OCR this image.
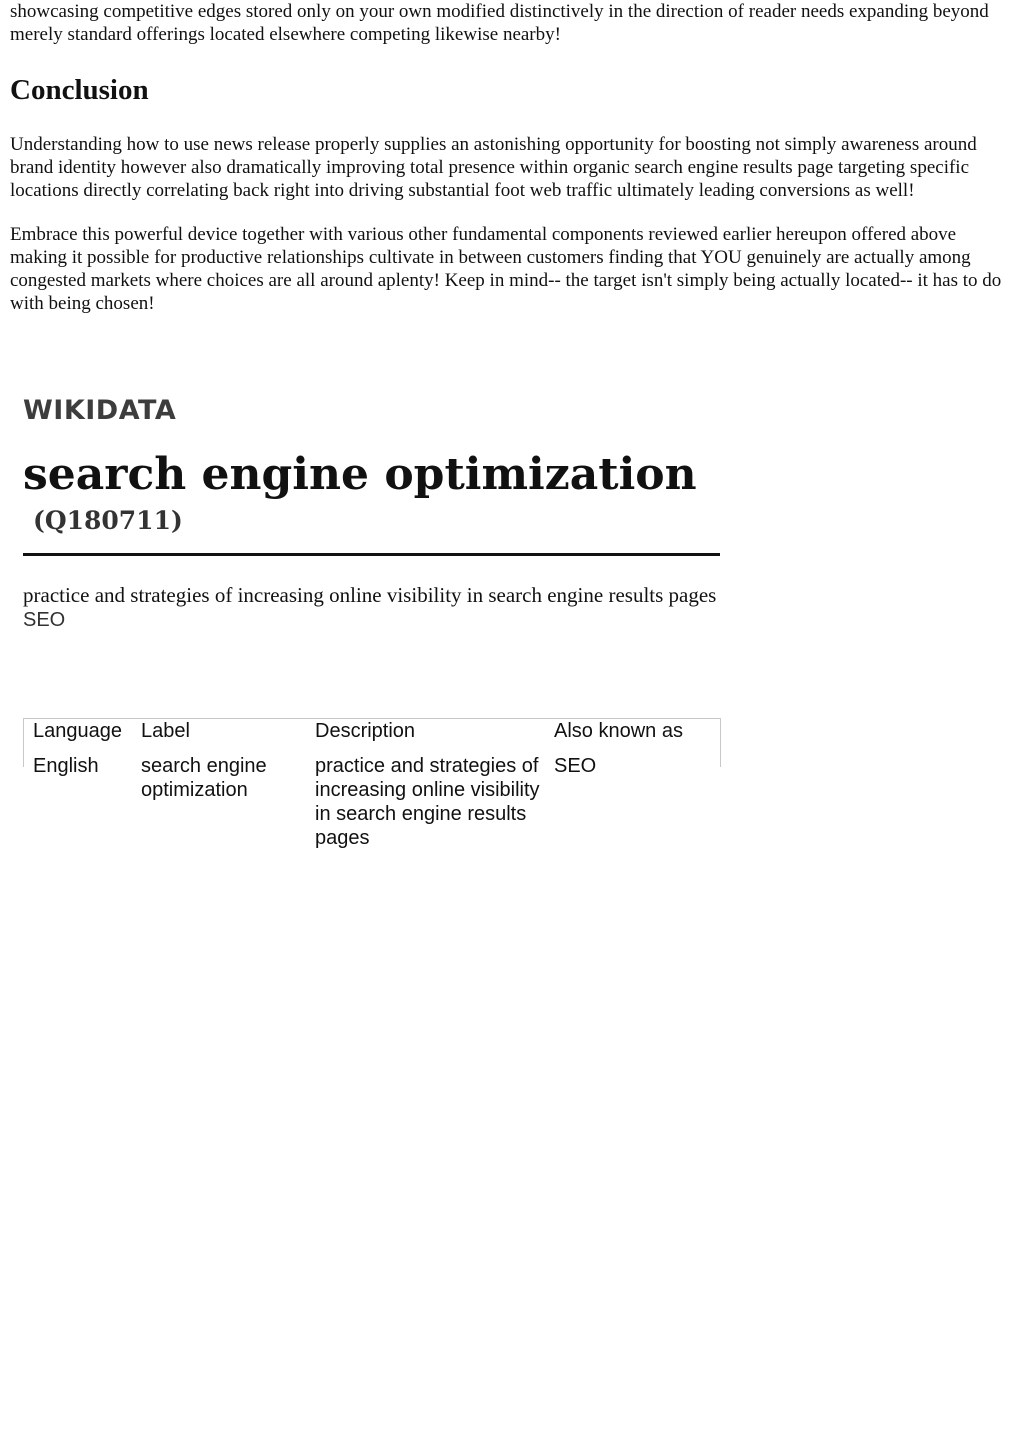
showcasing competitive edges stored only on your own modified distinctively in the direction of reader needs expanding beyond merely standard offerings located elsewhere competing likewise nearby!

Conclusion

Understanding how to use news release properly supplies an astonishing opportunity for boosting not simply awareness around brand identity however also dramatically improving total presence within organic search engine results page targeting specific locations directly correlating back right into driving substantial foot web traffic ultimately leading conversions as well!

Embrace this powerful device together with various other fundamental components reviewed earlier hereupon offered above making it possible for productive relationships cultivate in between customers finding that YOU genuinely are actually among congested markets where choices are all around aplenty! Keep in mind-- the target isn't simply being actually located-- it has to do with being chosen!

WIKIDATA
search engine optimization
(Q180711)
practice and strategies of increasing online visibility in search engine results pages
SEO
Language	Label	Description	Also known as
English	search engine optimization	practice and strategies of increasing online visibility in search engine results pages	SEO
